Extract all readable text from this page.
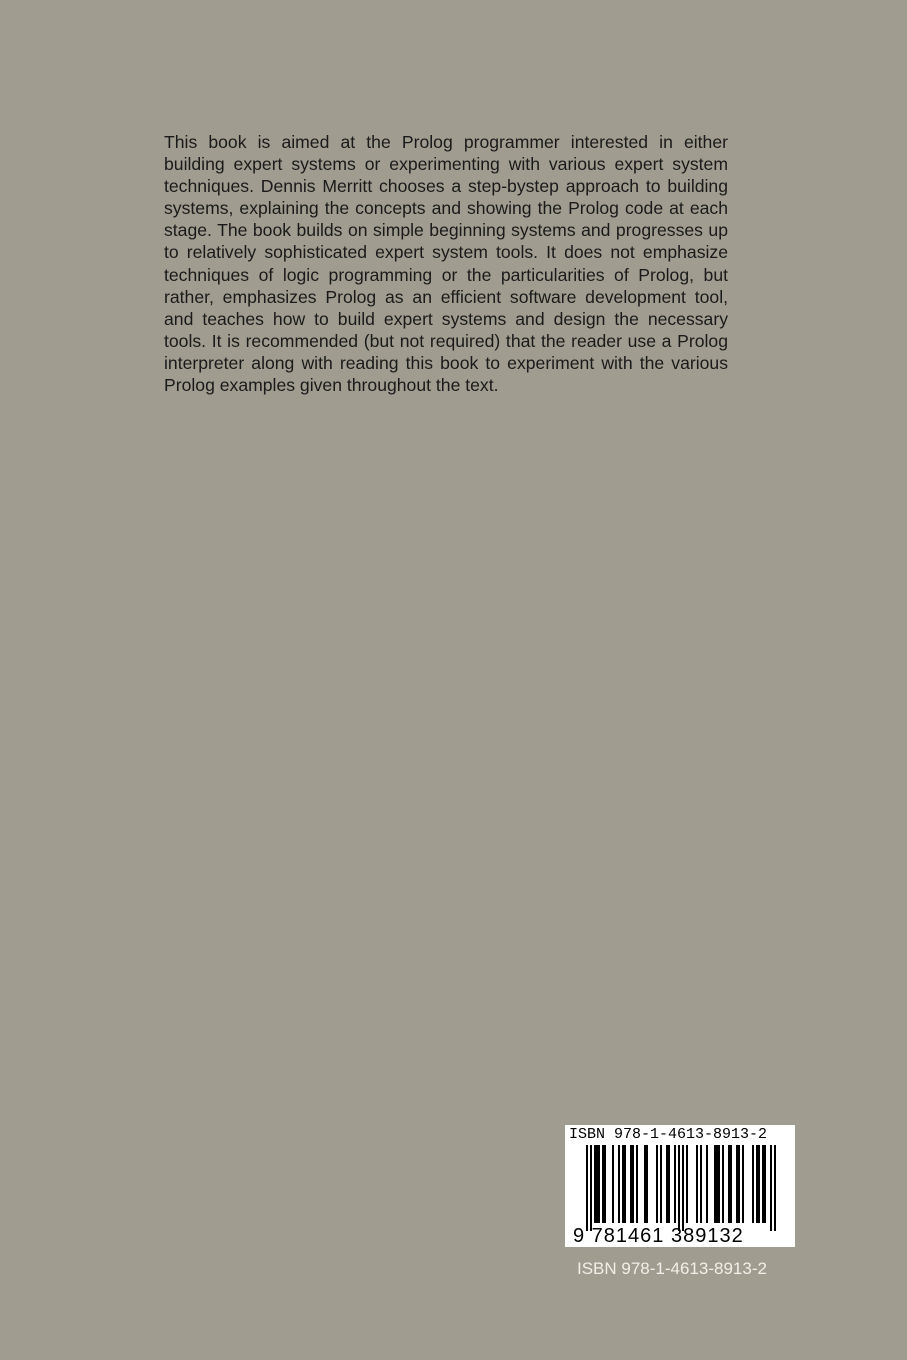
This book is aimed at the Prolog programmer interested in either building expert systems or experimenting with various expert system techniques. Dennis Merritt chooses a step-bystep approach to building systems, explaining the concepts and showing the Prolog code at each stage. The book builds on simple beginning systems and progresses up to relatively sophisticated expert system tools. It does not emphasize techniques of logic programming or the particularities of Prolog, but rather, emphasizes Prolog as an efficient software development tool, and teaches how to build expert systems and design the necessary tools. It is recommended (but not required) that the reader use a Prolog interpreter along with reading this book to experiment with the various Prolog examples given throughout the text.

ISBN 978-1-4613-8913-2

9 781461 389132

ISBN 978-1-4613-8913-2
